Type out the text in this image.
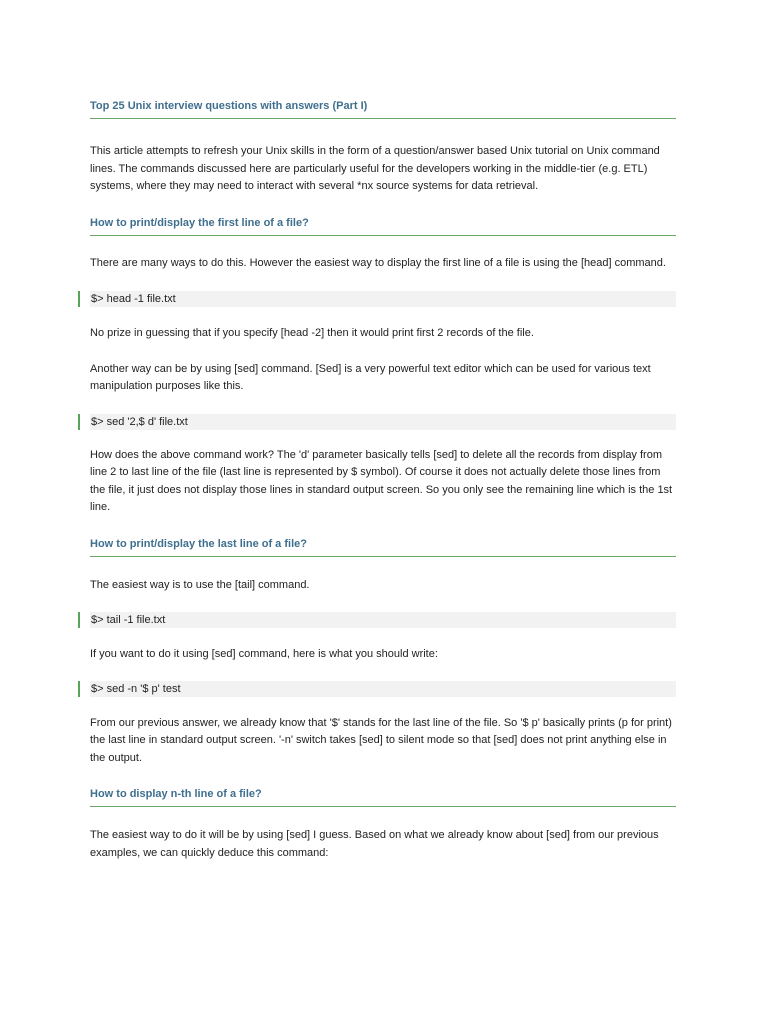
Top 25 Unix interview questions with answers (Part I)

This article attempts to refresh your Unix skills in the form of a question/answer based Unix tutorial on Unix command lines. The commands discussed here are particularly useful for the developers working in the middle-tier (e.g. ETL) systems, where they may need to interact with several *nx source systems for data retrieval.

How to print/display the first line of a file?

There are many ways to do this. However the easiest way to display the first line of a file is using the [head] command.

$> head -1 file.txt

No prize in guessing that if you specify [head -2] then it would print first 2 records of the file.

Another way can be by using [sed] command. [Sed] is a very powerful text editor which can be used for various text manipulation purposes like this.

$> sed '2,$ d' file.txt

How does the above command work? The 'd' parameter basically tells [sed] to delete all the records from display from line 2 to last line of the file (last line is represented by $ symbol). Of course it does not actually delete those lines from the file, it just does not display those lines in standard output screen. So you only see the remaining line which is the 1st line.

How to print/display the last line of a file?

The easiest way is to use the [tail] command.

$> tail -1 file.txt

If you want to do it using [sed] command, here is what you should write:

$> sed -n '$ p' test

From our previous answer, we already know that '$' stands for the last line of the file. So '$ p' basically prints (p for print) the last line in standard output screen. '-n' switch takes [sed] to silent mode so that [sed] does not print anything else in the output.

How to display n-th line of a file?

The easiest way to do it will be by using [sed] I guess. Based on what we already know about [sed] from our previous examples, we can quickly deduce this command:
